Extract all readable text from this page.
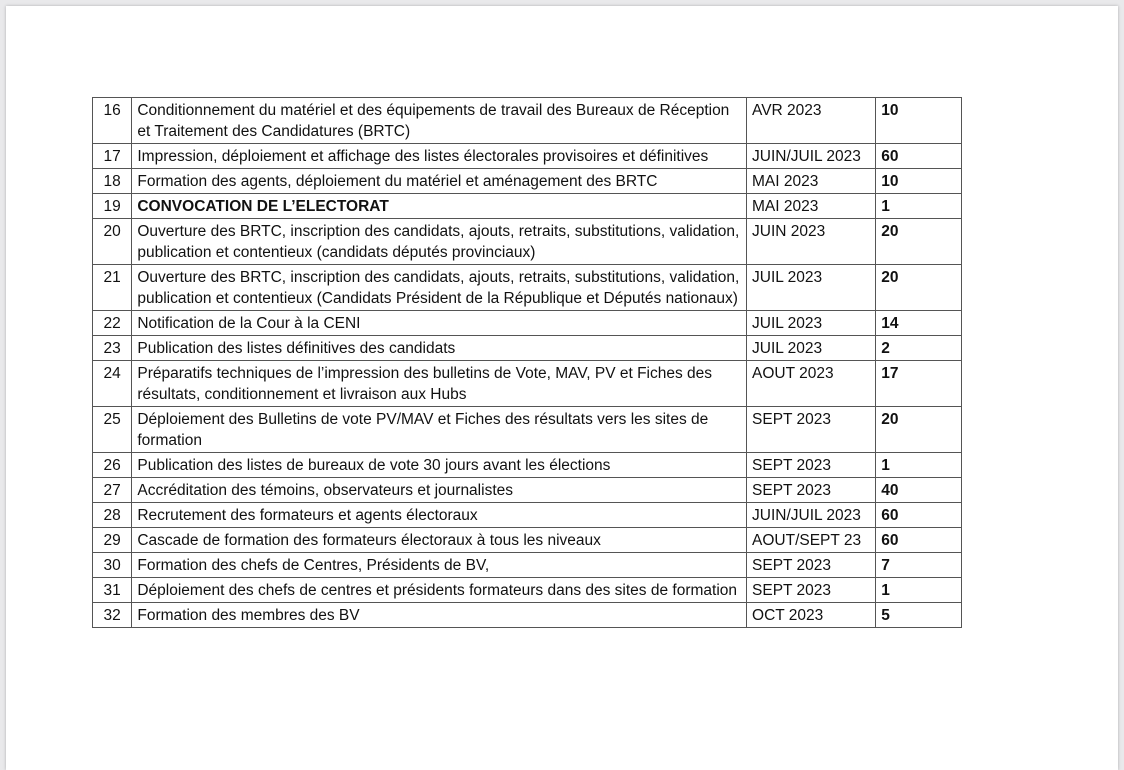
16	Conditionnement du matériel et des équipements de travail des Bureaux de Réception et Traitement des Candidatures (BRTC)	AVR 2023	10
17	Impression, déploiement et affichage des listes électorales provisoires et définitives	JUIN/JUIL 2023	60
18	Formation des agents, déploiement du matériel et aménagement des BRTC	MAI 2023	10
19	CONVOCATION DE L’ELECTORAT	MAI 2023	1
20	Ouverture des BRTC, inscription des candidats, ajouts, retraits, substitutions, validation, publication et contentieux (candidats députés provinciaux)	JUIN 2023	20
21	Ouverture des BRTC, inscription des candidats, ajouts, retraits, substitutions, validation, publication et contentieux (Candidats Président de la République et Députés nationaux)	JUIL 2023	20
22	Notification de la Cour à la CENI	JUIL 2023	14
23	Publication des listes définitives des candidats	JUIL 2023	2
24	Préparatifs techniques de l’impression des bulletins de Vote, MAV, PV et Fiches des résultats, conditionnement et livraison aux Hubs	AOUT 2023	17
25	Déploiement des Bulletins de vote PV/MAV et Fiches des résultats vers les sites de formation	SEPT 2023	20
26	Publication des listes de bureaux de vote 30 jours avant les élections	SEPT 2023	1
27	Accréditation des témoins, observateurs et journalistes	SEPT 2023	40
28	Recrutement des formateurs et agents électoraux	JUIN/JUIL 2023	60
29	Cascade de formation des formateurs électoraux à tous les niveaux	AOUT/SEPT 23	60
30	Formation des chefs de Centres, Présidents de BV,	SEPT 2023	7
31	Déploiement des chefs de centres et présidents formateurs dans des sites de formation	SEPT 2023	1
32	Formation des membres des BV	OCT 2023	5
